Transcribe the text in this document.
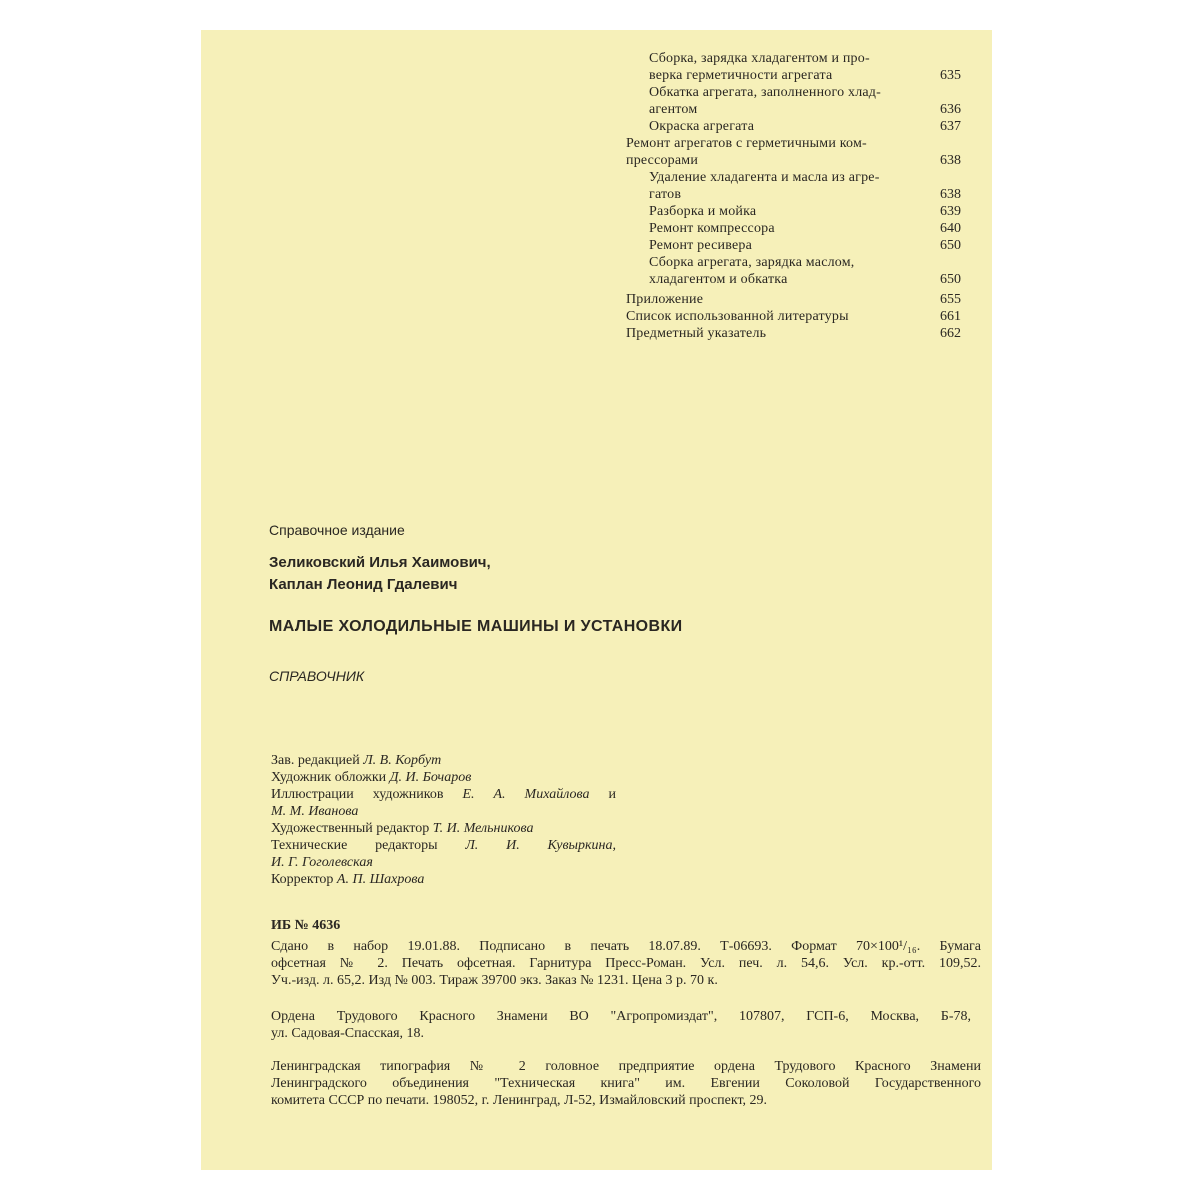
Сборка, зарядка хладагентом и про-
верка герметичности агрегата	635
Обкатка агрегата, заполненного хлад-
агентом	636
Окраска агрегата	637
Ремонт агрегатов с герметичными ком-
прессорами	638
Удаление хладагента и масла из агре-
гатов	638
Разборка и мойка	639
Ремонт компрессора	640
Ремонт ресивера	650
Сборка агрегата, зарядка маслом,
хладагентом и обкатка	650
Приложение	655
Список использованной литературы	661
Предметный указатель	662
Справочное издание
Зеликовский Илья Хаимович,
Каплан Леонид Гдалевич
МАЛЫЕ ХОЛОДИЛЬНЫЕ МАШИНЫ И УСТАНОВКИ
СПРАВОЧНИК
Зав. редакцией Л. В. Корбут
Художник обложки Д. И. Бочаров
Иллюстрации художников Е. А. Михайлова и
М. М. Иванова
Художественный редактор Т. И. Мельникова
Технические редакторы Л. И. Кувыркина,
И. Г. Гоголевская
Корректор А. П. Шахрова
ИБ № 4636
Сдано в набор 19.01.88. Подписано в печать 18.07.89. Т-06693. Формат 70×100¹/₁₆. Бумага
офсетная № 2. Печать офсетная. Гарнитура Пресс-Роман. Усл. печ. л. 54,6. Усл. кр.-отт. 109,52.
Уч.-изд. л. 65,2. Изд № 003. Тираж 39700 экз. Заказ № 1231. Цена 3 р. 70 к.
Ордена Трудового Красного Знамени ВО "Агропромиздат", 107807, ГСП-6, Москва, Б-78,
ул. Садовая-Спасская, 18.
Ленинградская типография № 2 головное предприятие ордена Трудового Красного Знамени
Ленинградского объединения "Техническая книга" им. Евгении Соколовой Государственного
комитета СССР по печати. 198052, г. Ленинград, Л-52, Измайловский проспект, 29.
